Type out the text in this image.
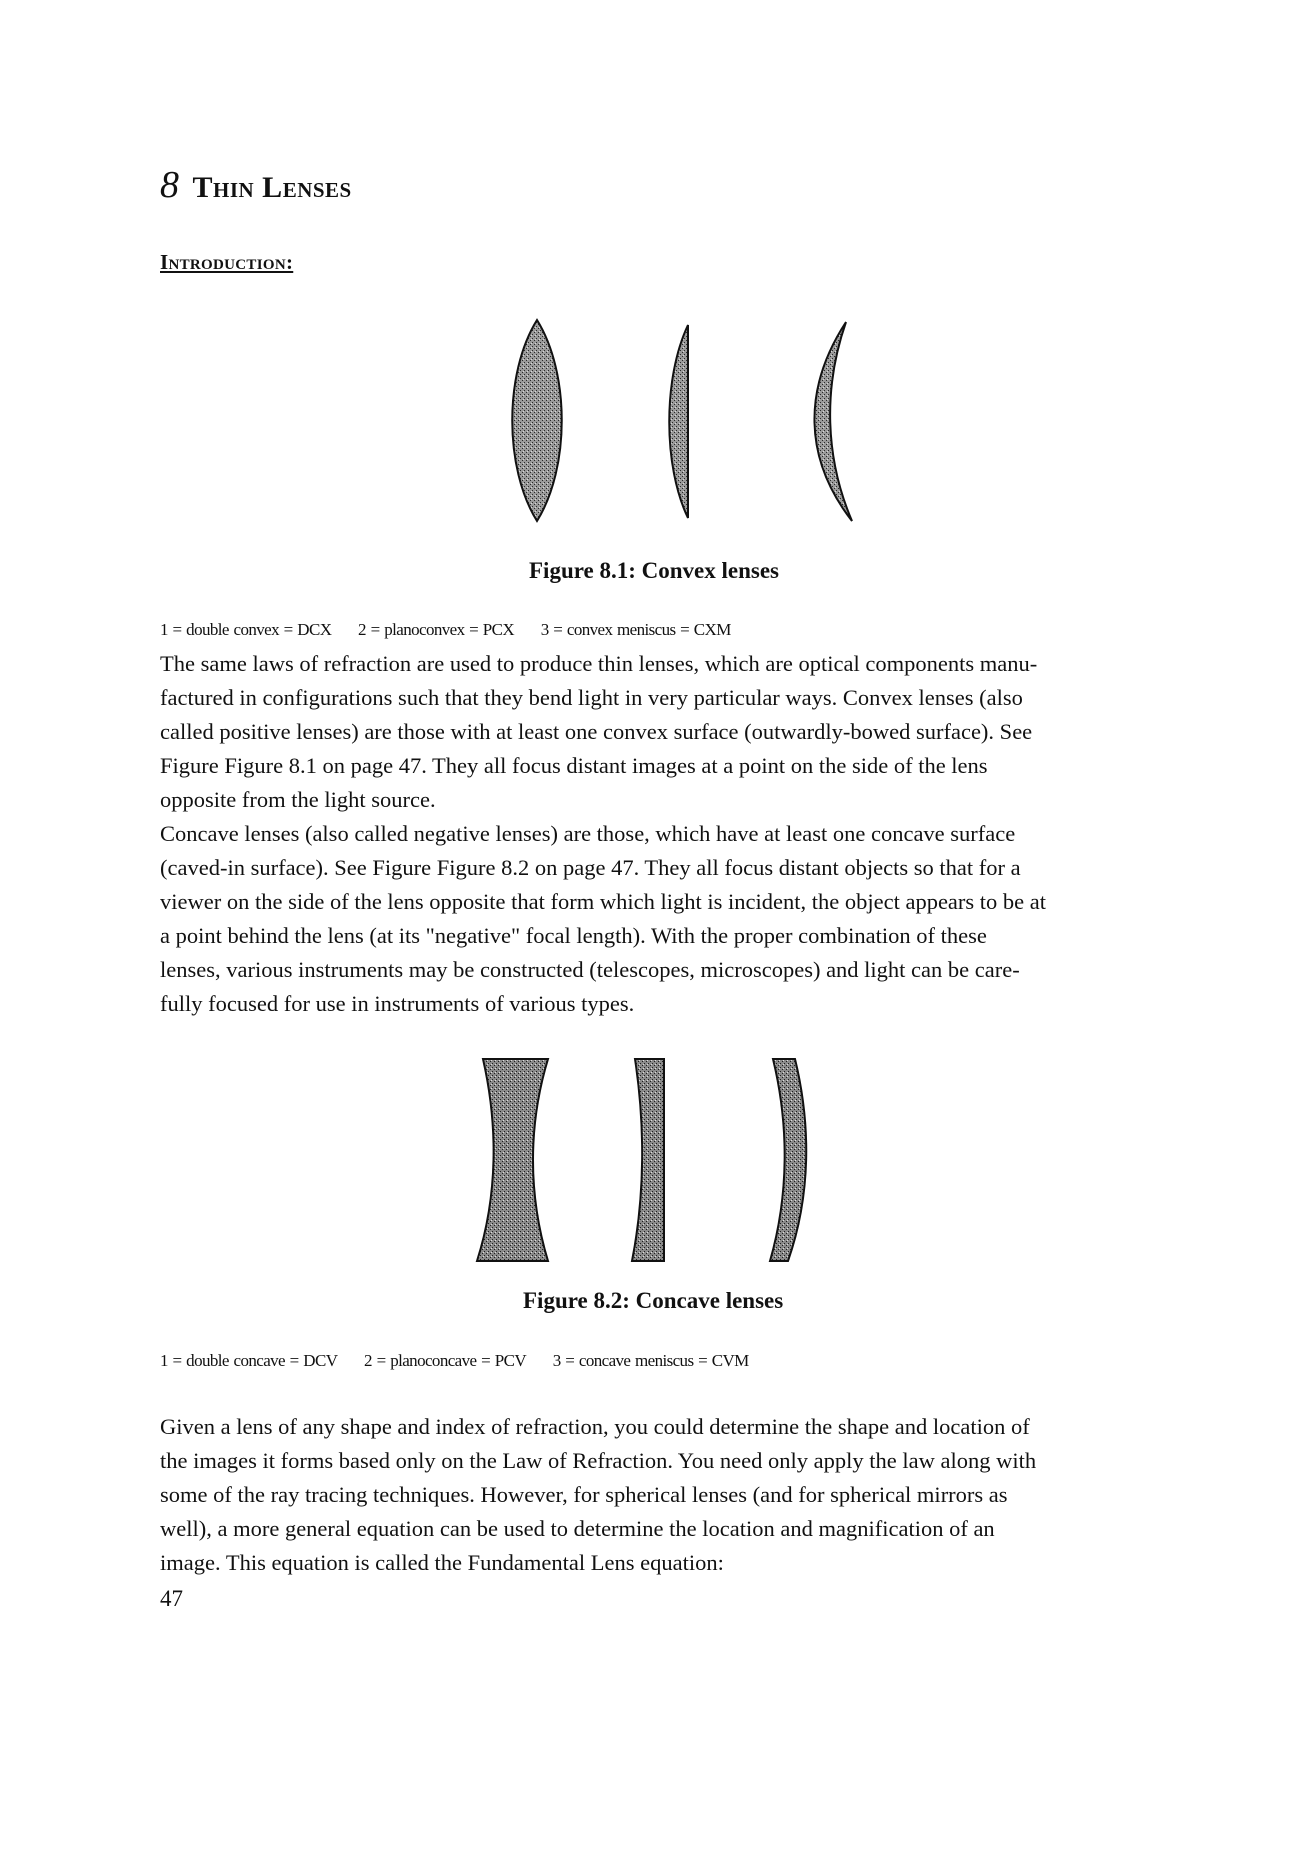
8 Thin Lenses
Introduction:
Figure 8.1: Convex lenses
1 = double convex = DCX 2 = planoconvex = PCX 3 = convex meniscus = CXM
The same laws of refraction are used to produce thin lenses, which are optical components manu-
factured in configurations such that they bend light in very particular ways. Convex lenses (also
called positive lenses) are those with at least one convex surface (outwardly-bowed surface). See
Figure Figure 8.1 on page 47. They all focus distant images at a point on the side of the lens
opposite from the light source.
Concave lenses (also called negative lenses) are those, which have at least one concave surface
(caved-in surface). See Figure Figure 8.2 on page 47. They all focus distant objects so that for a
viewer on the side of the lens opposite that form which light is incident, the object appears to be at
a point behind the lens (at its "negative" focal length). With the proper combination of these
lenses, various instruments may be constructed (telescopes, microscopes) and light can be care-
fully focused for use in instruments of various types.
Figure 8.2: Concave lenses
1 = double concave = DCV 2 = planoconcave = PCV 3 = concave meniscus = CVM
Given a lens of any shape and index of refraction, you could determine the shape and location of
the images it forms based only on the Law of Refraction. You need only apply the law along with
some of the ray tracing techniques. However, for spherical lenses (and for spherical mirrors as
well), a more general equation can be used to determine the location and magnification of an
image. This equation is called the Fundamental Lens equation:
47
